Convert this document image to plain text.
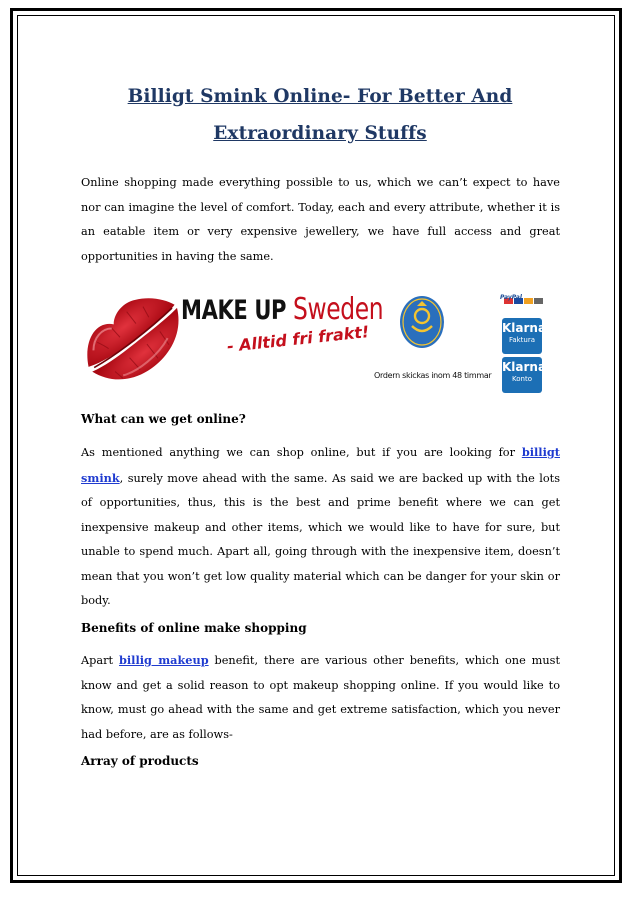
Billigt Smink Online- For Better And
Extraordinary Stuffs
Online shopping made everything possible to us, which we can’t expect to have nor can imagine the level of comfort. Today, each and every attribute, whether it is an eatable item or very expensive jewellery, we have full access and great opportunities in having the same.
PayPal
MAKE UP Sweden
- Alltid fri frakt!
Ordern skickas inom 48 timmar
Klarna
Faktura
Klarna
Konto
What can we get online?
As mentioned anything we can shop online, but if you are looking for billigt smink, surely move ahead with the same. As said we are backed up with the lots of opportunities, thus, this is the best and prime benefit where we can get inexpensive makeup and other items, which we would like to have for sure, but unable to spend much. Apart all, going through with the inexpensive item, doesn’t mean that you won’t get low quality material which can be danger for your skin or body.
Benefits of online make shopping
Apart billig makeup benefit, there are various other benefits, which one must know and get a solid reason to opt makeup shopping online. If you would like to know, must go ahead with the same and get extreme satisfaction, which you never had before, are as follows-
Array of products
